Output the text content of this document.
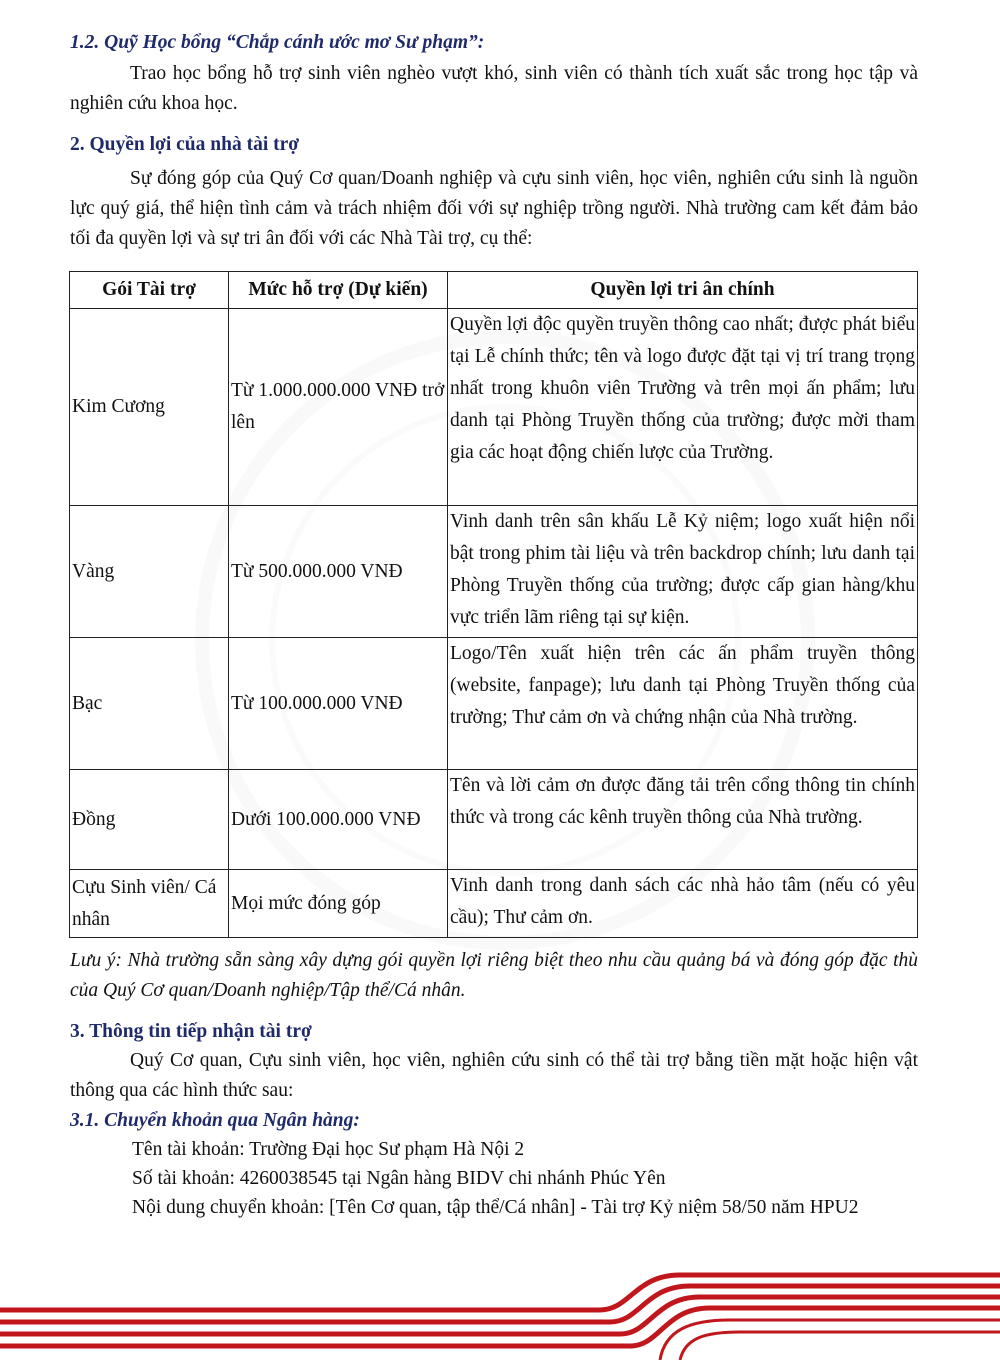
1.2. Quỹ Học bổng “Chắp cánh ước mơ Sư phạm”:
Trao học bổng hỗ trợ sinh viên nghèo vượt khó, sinh viên có thành tích xuất sắc trong học tập và nghiên cứu khoa học.
2. Quyền lợi của nhà tài trợ
Sự đóng góp của Quý Cơ quan/Doanh nghiệp và cựu sinh viên, học viên, nghiên cứu sinh là nguồn lực quý giá, thể hiện tình cảm và trách nhiệm đối với sự nghiệp trồng người. Nhà trường cam kết đảm bảo tối đa quyền lợi và sự tri ân đối với các Nhà Tài trợ, cụ thể:
Gói Tài trợ	Mức hỗ trợ (Dự kiến)	Quyền lợi tri ân chính
Kim Cương	Từ 1.000.000.000 VNĐ trở lên	Quyền lợi độc quyền truyền thông cao nhất; được phát biểu tại Lễ chính thức; tên và logo được đặt tại vị trí trang trọng nhất trong khuôn viên Trường và trên mọi ấn phẩm; lưu danh tại Phòng Truyền thống của trường; được mời tham gia các hoạt động chiến lược của Trường.
Vàng	Từ 500.000.000 VNĐ	Vinh danh trên sân khấu Lễ Kỷ niệm; logo xuất hiện nổi bật trong phim tài liệu và trên backdrop chính; lưu danh tại Phòng Truyền thống của trường; được cấp gian hàng/khu vực triển lãm riêng tại sự kiện.
Bạc	Từ 100.000.000 VNĐ	Logo/Tên xuất hiện trên các ấn phẩm truyền thông (website, fanpage); lưu danh tại Phòng Truyền thống của trường; Thư cảm ơn và chứng nhận của Nhà trường.
Đồng	Dưới 100.000.000 VNĐ	Tên và lời cảm ơn được đăng tải trên cổng thông tin chính thức và trong các kênh truyền thông của Nhà trường.
Cựu Sinh viên/ Cá nhân	Mọi mức đóng góp	Vinh danh trong danh sách các nhà hảo tâm (nếu có yêu cầu); Thư cảm ơn.
Lưu ý: Nhà trường sẵn sàng xây dựng gói quyền lợi riêng biệt theo nhu cầu quảng bá và đóng góp đặc thù của Quý Cơ quan/Doanh nghiệp/Tập thể/Cá nhân.
3. Thông tin tiếp nhận tài trợ
Quý Cơ quan, Cựu sinh viên, học viên, nghiên cứu sinh có thể tài trợ bằng tiền mặt hoặc hiện vật thông qua các hình thức sau:
3.1. Chuyển khoản qua Ngân hàng:
Tên tài khoản: Trường Đại học Sư phạm Hà Nội 2
Số tài khoản: 4260038545 tại Ngân hàng BIDV chi nhánh Phúc Yên
Nội dung chuyển khoản: [Tên Cơ quan, tập thể/Cá nhân] - Tài trợ Kỷ niệm 58/50 năm HPU2
